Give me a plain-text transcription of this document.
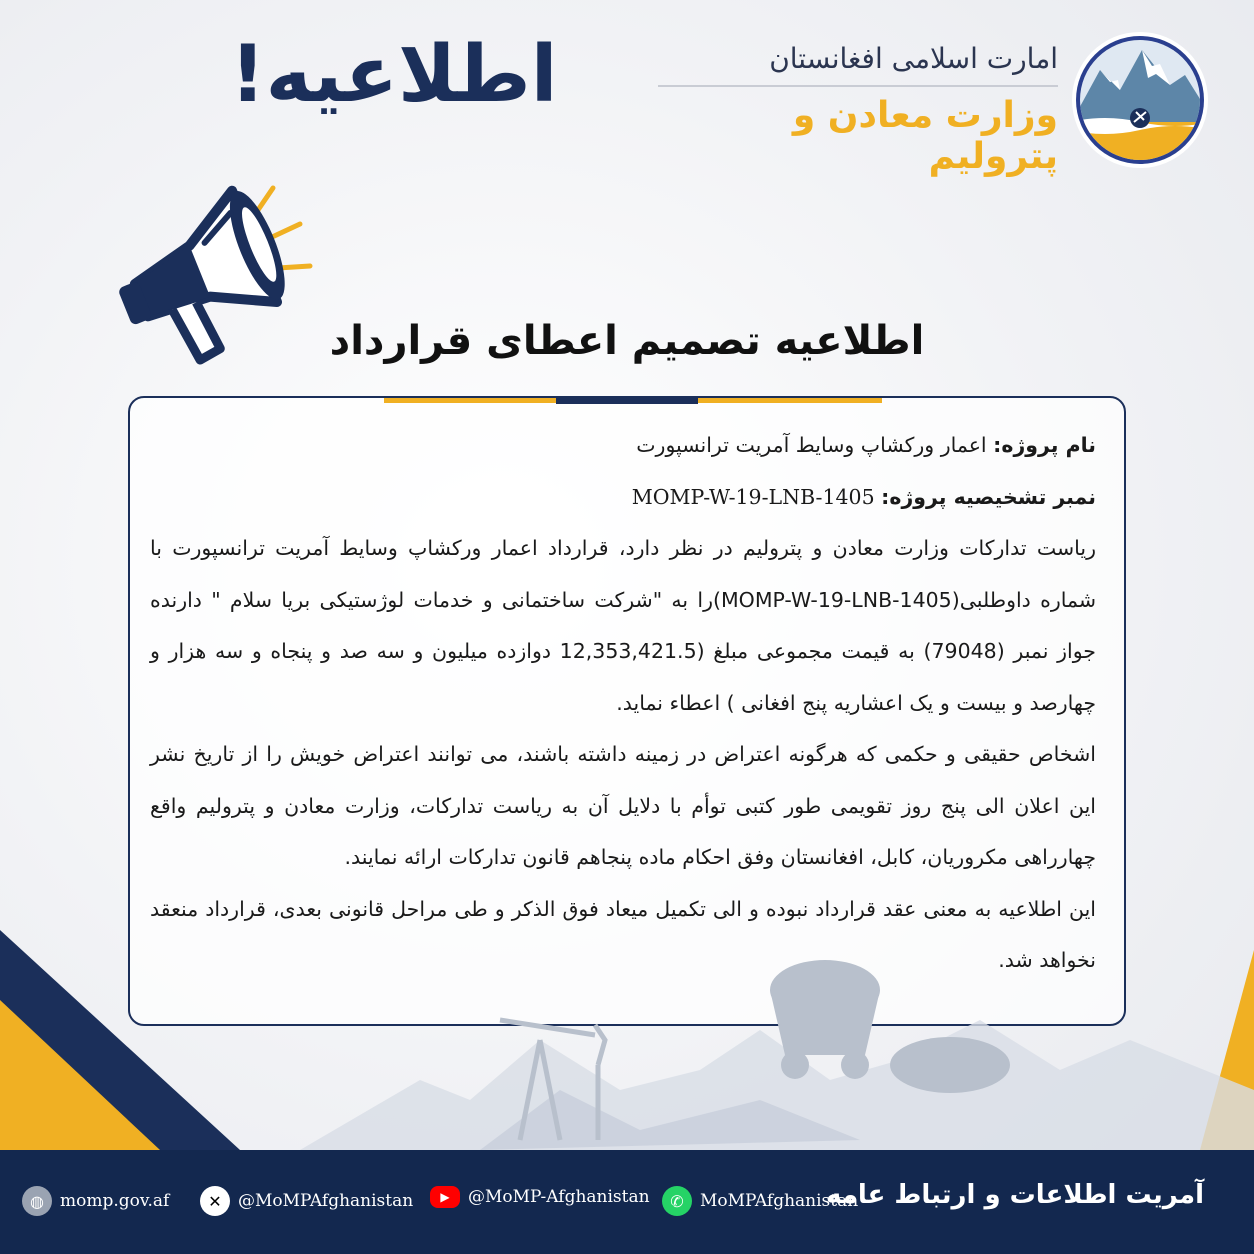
اطلاعیه!	امارت اسلامی افغانستان
وزارت معادن و پترولیم
اطلاعیه تصمیم اعطای قرارداد

نام پروژه: اعمار ورکشاپ وسایط آمریت ترانسپورت

نمبر تشخیصیه پروژه: MOMP-W-19-LNB-1405

ریاست تدارکات وزارت معادن و پترولیم در نظر دارد، قرارداد اعمار ورکشاپ وسایط آمریت ترانسپورت با شماره داوطلبی(MOMP-W-19-LNB-1405)را به "شرکت ساختمانی و خدمات لوژستیکی بریا سلام " دارنده جواز نمبر (79048) به قیمت مجموعی مبلغ (12,353,421.5 دوازده میلیون و سه صد و پنجاه و سه هزار و چهارصد و بیست و یک اعشاریه پنج افغانی ) اعطاء نماید.

اشخاص حقیقی و حکمی که هرگونه اعتراض در زمینه داشته باشند، می توانند اعتراض خویش را از تاریخ نشر این اعلان الی پنج روز تقویمی طور کتبی توأم با دلایل آن به ریاست تدارکات، وزارت معادن و پترولیم واقع چهارراهی مکروریان، کابل، افغانستان وفق احکام ماده پنجاهم قانون تدارکات ارائه نمایند.

این اطلاعیه به معنی عقد قرارداد نبوده و الی تکمیل میعاد فوق الذکر و طی مراحل قانونی بعدی، قرارداد منعقد نخواهد شد.

آمریت اطلاعات و ارتباط عامه
✆ MoMPAfghanistan
▶	@MoMP-Afghanistan
✕ @MoMPAfghanistan
◍ momp.gov.af
